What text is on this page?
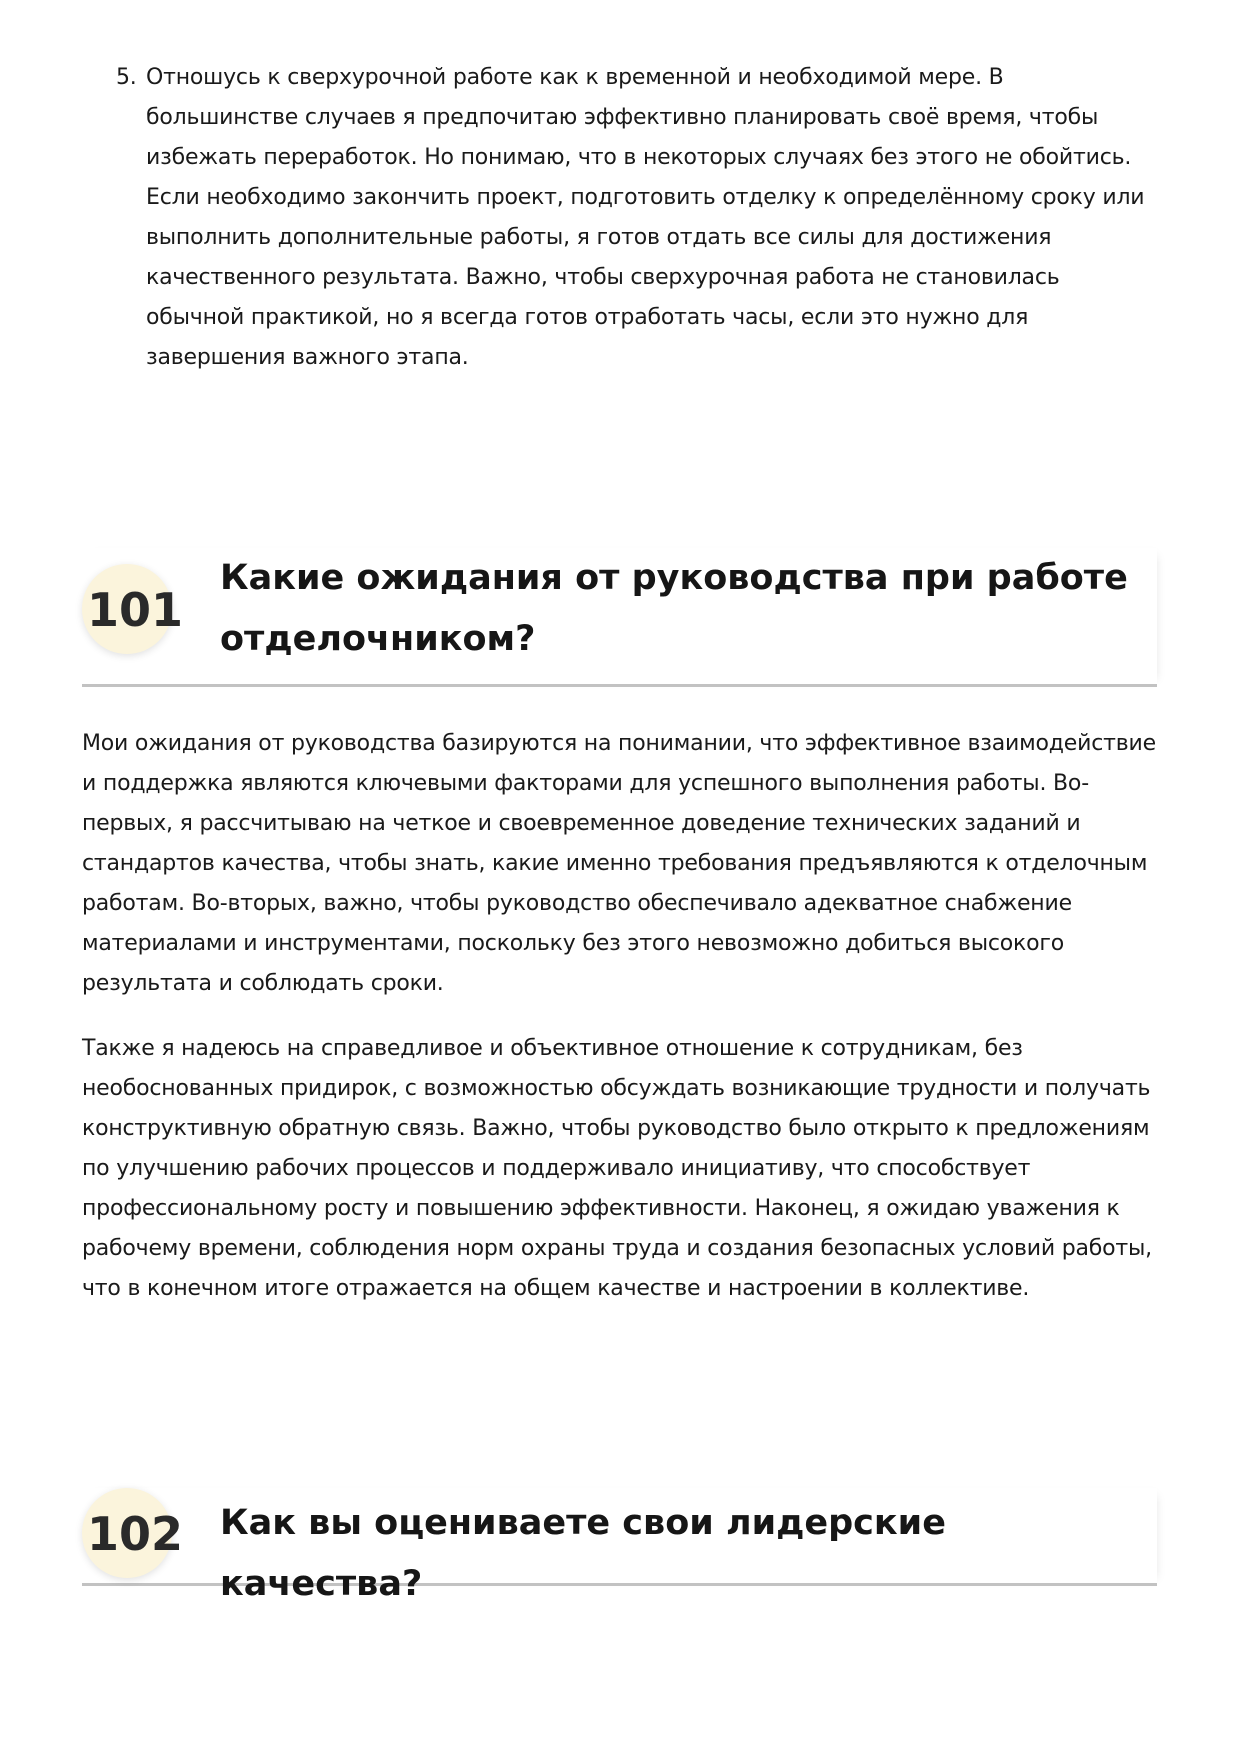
5. Отношусь к сверхурочной работе как к временной и необходимой мере. В большинстве случаев я предпочитаю эффективно планировать своё время, чтобы избежать переработок. Но понимаю, что в некоторых случаях без этого не обойтись. Если необходимо закончить проект, подготовить отделку к определённому сроку или выполнить дополнительные работы, я готов отдать все силы для достижения качественного результата. Важно, чтобы сверхурочная работа не становилась обычной практикой, но я всегда готов отработать часы, если это нужно для завершения важного этапа.
101
Какие ожидания от руководства при работе отделочником?

Мои ожидания от руководства базируются на понимании, что эффективное взаимодействие и поддержка являются ключевыми факторами для успешного выполнения работы. Во-первых, я рассчитываю на четкое и своевременное доведение технических заданий и стандартов качества, чтобы знать, какие именно требования предъявляются к отделочным работам. Во-вторых, важно, чтобы руководство обеспечивало адекватное снабжение материалами и инструментами, поскольку без этого невозможно добиться высокого результата и соблюдать сроки.

Также я надеюсь на справедливое и объективное отношение к сотрудникам, без необоснованных придирок, с возможностью обсуждать возникающие трудности и получать конструктивную обратную связь. Важно, чтобы руководство было открыто к предложениям по улучшению рабочих процессов и поддерживало инициативу, что способствует профессиональному росту и повышению эффективности. Наконец, я ожидаю уважения к рабочему времени, соблюдения норм охраны труда и создания безопасных условий работы, что в конечном итоге отражается на общем качестве и настроении в коллективе.

102 Как вы оцениваете свои лидерские качества?
